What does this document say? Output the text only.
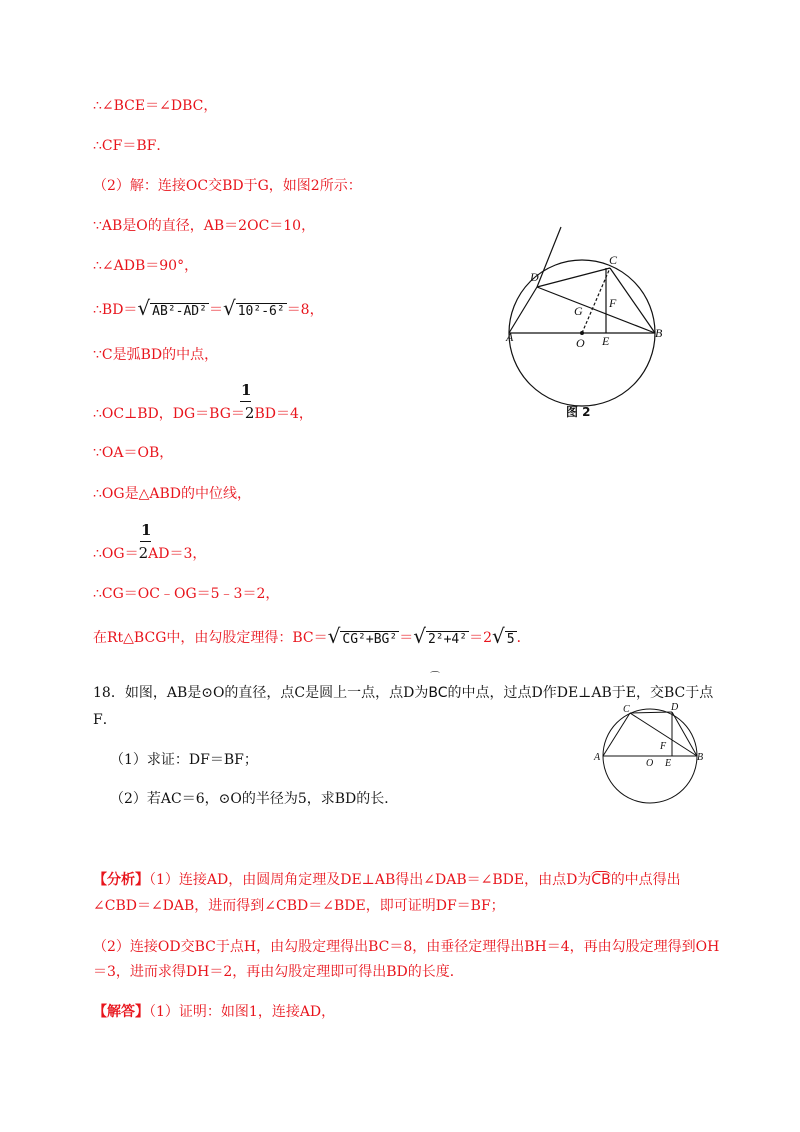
∴∠BCE＝∠DBC，
∴CF＝BF．
（2）解：连接OC交BD于G，如图2所示：
∵AB是O的直径，AB＝2OC＝10，
∴∠ADB＝90°，
∴BD＝√ AB²-AD² ＝√ 10²-6² ＝8，
∵C是弧BD的中点，
1
∴OC⊥BD，DG＝BG＝2BD＝4，
∵OA＝OB，
∴OG是△ABD的中位线，
1
∴OG＝2AD＝3，
∴CG＝OC﹣OG＝5﹣3＝2，
在Rt△BCG中，由勾股定理得：BC＝√ CG²+BG² ＝√ 2²+4² ＝2√ 5 ．
D
C
F
G
A	O E
B
图 2
⌒
18．如图，AB是⊙O的直径，点C是圆上一点，点D为BC的中点，过点D作DE⊥AB于E，交BC于点
F．
（1）求证：DF＝BF；
（2）若AC＝6，⊙O的半径为5，求BD的长．
C	D
F
A
O E
B
【分析】（1）连接AD，由圆周角定理及DE⊥AB得出∠DAB＝∠BDE，由点D为CB的中点得出
∠CBD＝∠DAB，进而得到∠CBD＝∠BDE，即可证明DF＝BF；
（2）连接OD交BC于点H，由勾股定理得出BC＝8，由垂径定理得出BH＝4，再由勾股定理得到OH
＝3，进而求得DH＝2，再由勾股定理即可得出BD的长度．
【解答】（1）证明：如图1，连接AD，
